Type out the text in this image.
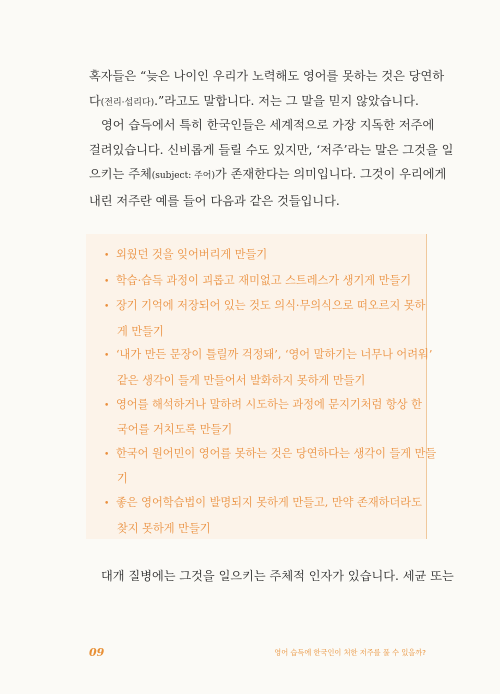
혹자들은 “늦은 나이인 우리가 노력해도 영어를 못하는 것은 당연하
다(전리·섭리다).”라고도 말합니다. 저는 그 말을 믿지 않았습니다.

영어 습득에서 특히 한국인들은 세계적으로 가장 지독한 저주에
걸려있습니다. 신비롭게 들릴 수도 있지만, ‘저주’라는 말은 그것을 일
으키는 주체(subject: 주어)가 존재한다는 의미입니다. 그것이 우리에게
내린 저주란 예를 들어 다음과 같은 것들입니다.

• 외웠던 것을 잊어버리게 만들기
• 학습·습득 과정이 괴롭고 재미없고 스트레스가 생기게 만들기
• 장기 기억에 저장되어 있는 것도 의식·무의식으로 떠오르지 못하
게 만들기
• ‘내가 만든 문장이 틀릴까 걱정돼’, ‘영어 말하기는 너무나 어려워’
같은 생각이 들게 만들어서 발화하지 못하게 만들기
• 영어를 해석하거나 말하려 시도하는 과정에 문지기처럼 항상 한
국어를 거치도록 만들기
• 한국어 원어민이 영어를 못하는 것은 당연하다는 생각이 들게 만들
기
• 좋은 영어학습법이 발명되지 못하게 만들고, 만약 존재하더라도
찾지 못하게 만들기

대개 질병에는 그것을 일으키는 주체적 인자가 있습니다. 세균 또는

09	영어 습득에 한국인이 처한 저주를 풀 수 있을까?
